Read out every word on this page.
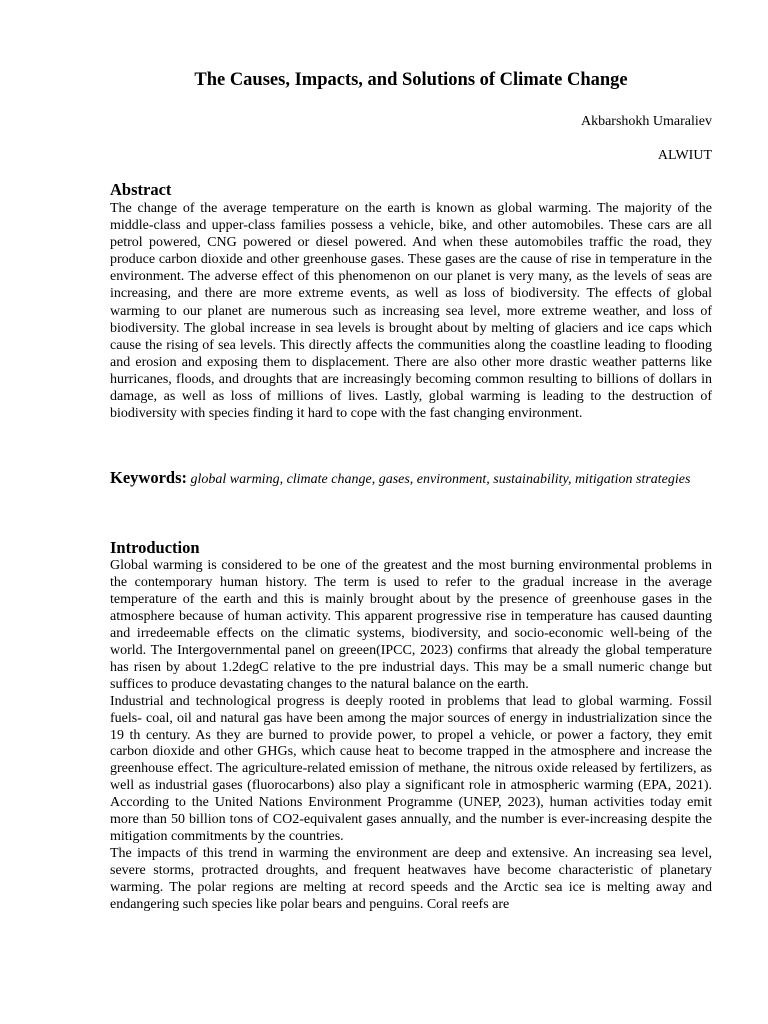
The Causes, Impacts, and Solutions of Climate Change
Akbarshokh Umaraliev
ALWIUT
Abstract

The change of the average temperature on the earth is known as global warming. The majority of the middle-class and upper-class families possess a vehicle, bike, and other automobiles. These cars are all petrol powered, CNG powered or diesel powered. And when these automobiles traffic the road, they produce carbon dioxide and other greenhouse gases. These gases are the cause of rise in temperature in the environment. The adverse effect of this phenomenon on our planet is very many, as the levels of seas are increasing, and there are more extreme events, as well as loss of biodiversity. The effects of global warming to our planet are numerous such as increasing sea level, more extreme weather, and loss of biodiversity. The global increase in sea levels is brought about by melting of glaciers and ice caps which cause the rising of sea levels. This directly affects the communities along the coastline leading to flooding and erosion and exposing them to displacement. There are also other more drastic weather patterns like hurricanes, floods, and droughts that are increasingly becoming common resulting to billions of dollars in damage, as well as loss of millions of lives. Lastly, global warming is leading to the destruction of biodiversity with species finding it hard to cope with the fast changing environment.

Keywords: global warming, climate change, gases, environment, sustainability, mitigation strategies

Introduction

Global warming is considered to be one of the greatest and the most burning environmental problems in the contemporary human history. The term is used to refer to the gradual increase in the average temperature of the earth and this is mainly brought about by the presence of greenhouse gases in the atmosphere because of human activity. This apparent progressive rise in temperature has caused daunting and irredeemable effects on the climatic systems, biodiversity, and socio-economic well-being of the world. The Intergovernmental panel on greeen(IPCC, 2023) confirms that already the global temperature has risen by about 1.2degC relative to the pre industrial days. This may be a small numeric change but suffices to produce devastating changes to the natural balance on the earth.

Industrial and technological progress is deeply rooted in problems that lead to global warming. Fossil fuels- coal, oil and natural gas have been among the major sources of energy in industrialization since the 19 th century. As they are burned to provide power, to propel a vehicle, or power a factory, they emit carbon dioxide and other GHGs, which cause heat to become trapped in the atmosphere and increase the greenhouse effect. The agriculture-related emission of methane, the nitrous oxide released by fertilizers, as well as industrial gases (fluorocarbons) also play a significant role in atmospheric warming (EPA, 2021). According to the United Nations Environment Programme (UNEP, 2023), human activities today emit more than 50 billion tons of CO2-equivalent gases annually, and the number is ever-increasing despite the mitigation commitments by the countries.

The impacts of this trend in warming the environment are deep and extensive. An increasing sea level, severe storms, protracted droughts, and frequent heatwaves have become characteristic of planetary warming. The polar regions are melting at record speeds and the Arctic sea ice is melting away and endangering such species like polar bears and penguins. Coral reefs are
